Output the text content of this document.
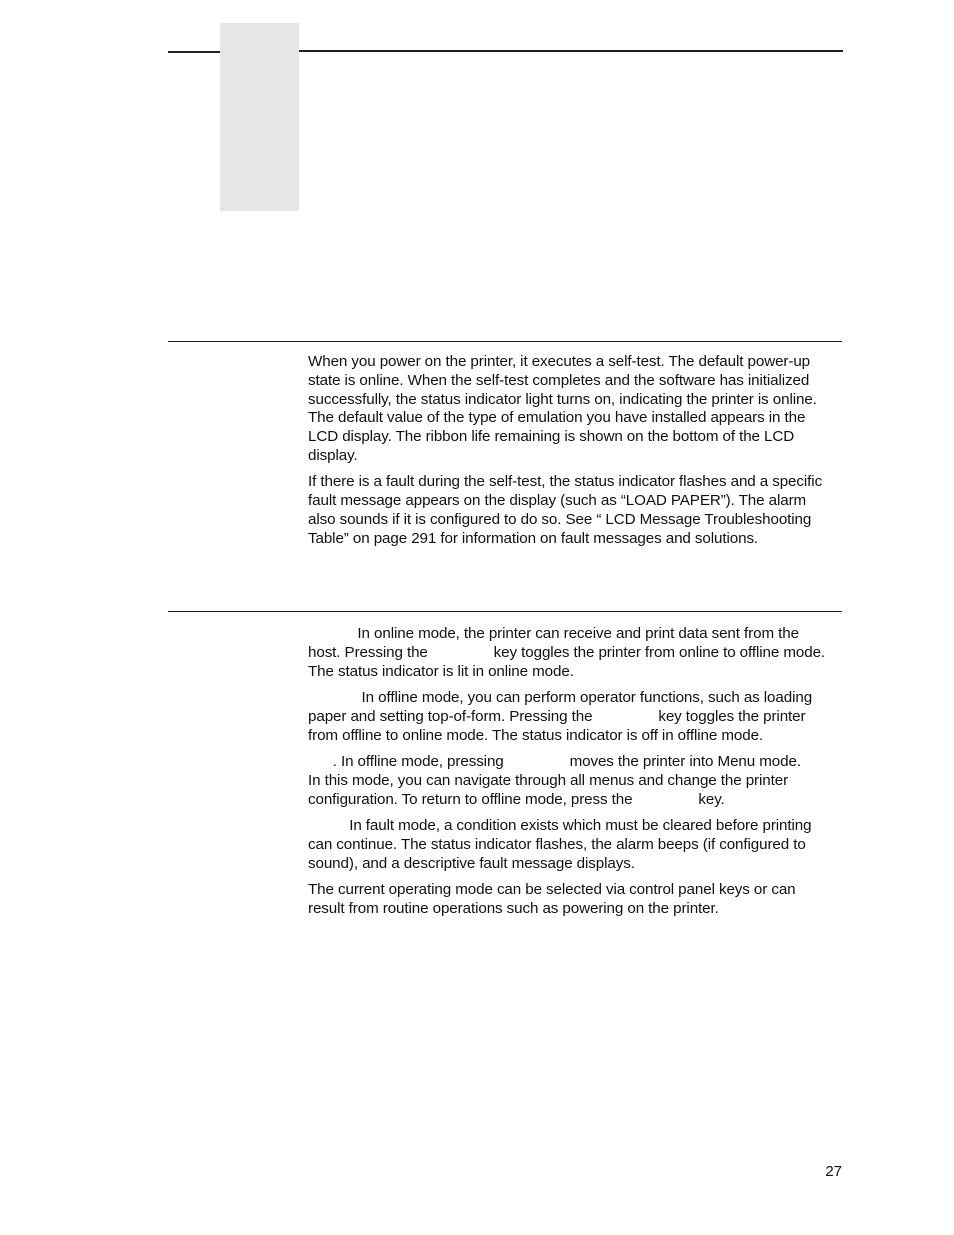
When you power on the printer, it executes a self-test. The default power-up
state is online. When the self-test completes and the software has initialized
successfully, the status indicator light turns on, indicating the printer is online.
The default value of the type of emulation you have installed appears in the
LCD display. The ribbon life remaining is shown on the bottom of the LCD
display.

If there is a fault during the self-test, the status indicator flashes and a specific
fault message appears on the display (such as “LOAD PAPER”). The alarm
also sounds if it is configured to do so. See “ LCD Message Troubleshooting
Table” on page 291 for information on fault messages and solutions.

In online mode, the printer can receive and print data sent from the
host. Pressing the                key toggles the printer from online to offline mode.
The status indicator is lit in online mode.

In offline mode, you can perform operator functions, such as loading
paper and setting top-of-form. Pressing the                key toggles the printer
from offline to online mode. The status indicator is off in offline mode.

. In offline mode, pressing                moves the printer into Menu mode.
In this mode, you can navigate through all menus and change the printer
configuration. To return to offline mode, press the                key.

In fault mode, a condition exists which must be cleared before printing
can continue. The status indicator flashes, the alarm beeps (if configured to
sound), and a descriptive fault message displays.

The current operating mode can be selected via control panel keys or can
result from routine operations such as powering on the printer.

27
